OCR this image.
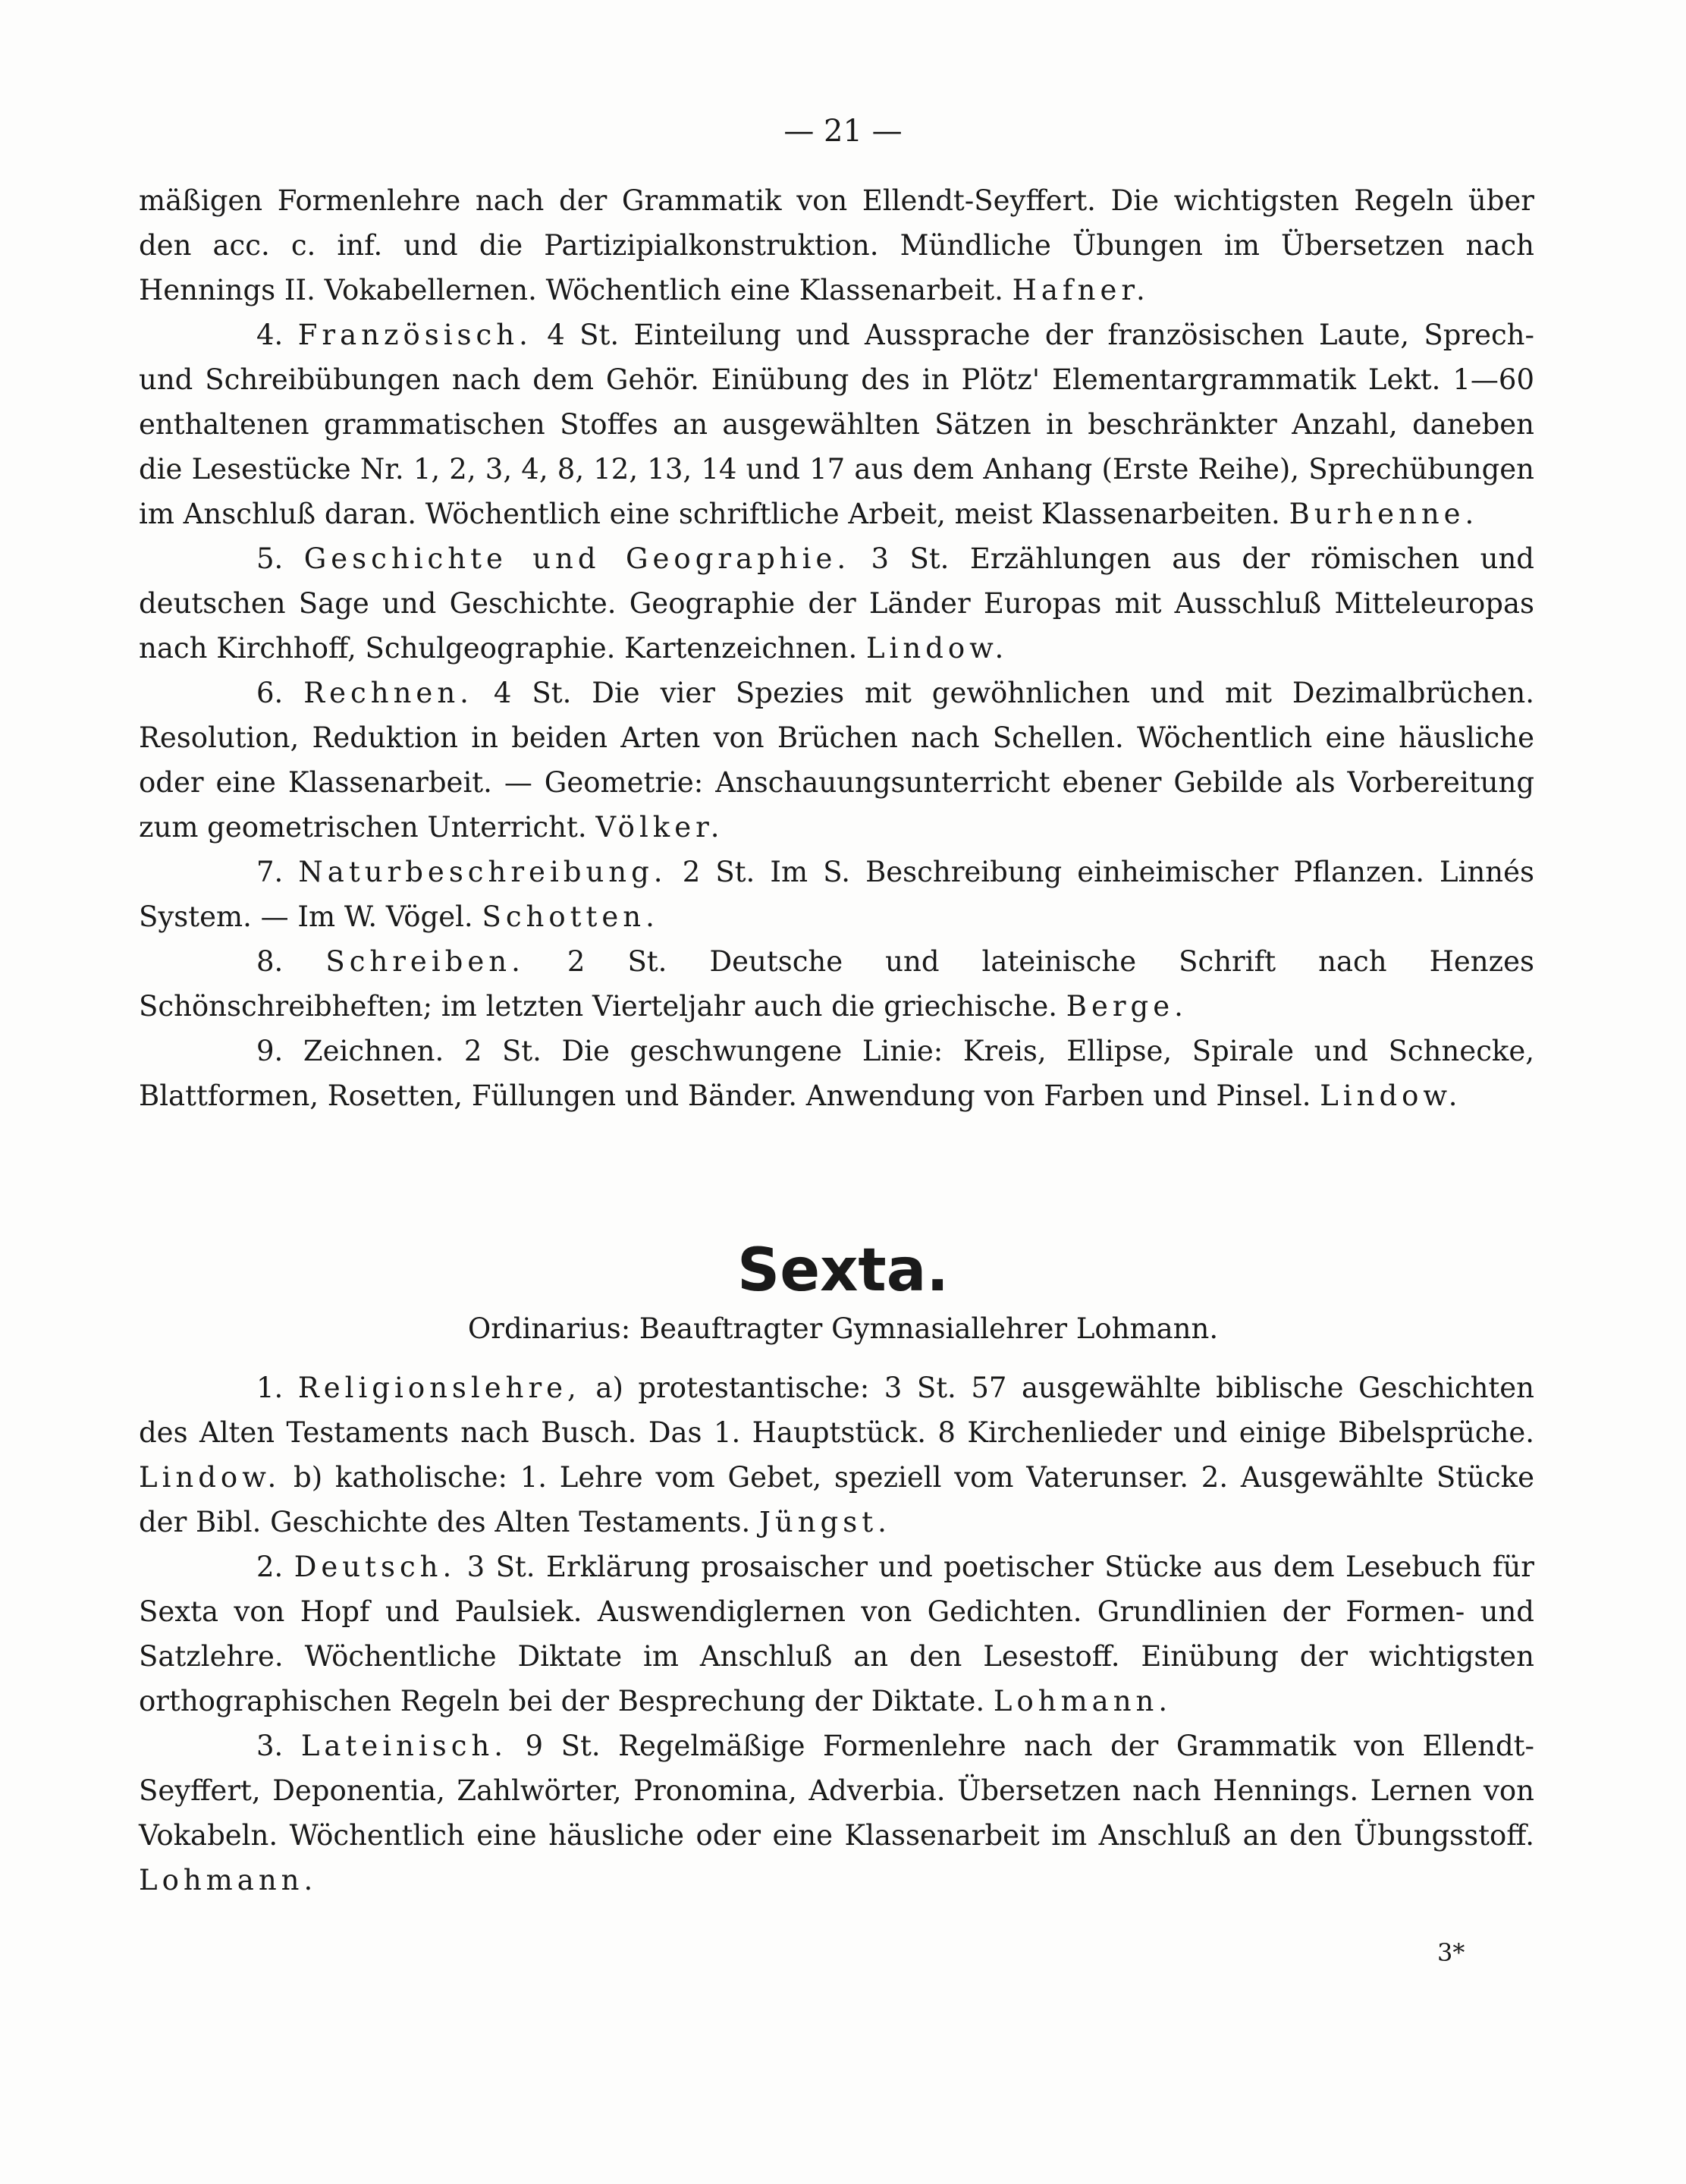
— 21 —

mäßigen Formenlehre nach der Grammatik von Ellendt-Seyffert. Die wichtigsten Regeln über den acc. c. inf. und die Partizipialkonstruktion. Mündliche Übungen im Übersetzen nach Hennings II. Vokabellernen. Wöchentlich eine Klassenarbeit. Hafner.

4. Französisch. 4 St. Einteilung und Aussprache der französischen Laute, Sprech- und Schreibübungen nach dem Gehör. Einübung des in Plötz' Elementargrammatik Lekt. 1—60 enthaltenen grammatischen Stoffes an ausgewählten Sätzen in beschränkter Anzahl, daneben die Lesestücke Nr. 1, 2, 3, 4, 8, 12, 13, 14 und 17 aus dem Anhang (Erste Reihe), Sprechübungen im Anschluß daran. Wöchentlich eine schriftliche Arbeit, meist Klassenarbeiten. Burhenne.

5. Geschichte und Geographie. 3 St. Erzählungen aus der römischen und deutschen Sage und Geschichte. Geographie der Länder Europas mit Ausschluß Mitteleuropas nach Kirchhoff, Schulgeographie. Kartenzeichnen. Lindow.

6. Rechnen. 4 St. Die vier Spezies mit gewöhnlichen und mit Dezimalbrüchen. Resolution, Reduktion in beiden Arten von Brüchen nach Schellen. Wöchentlich eine häusliche oder eine Klassenarbeit. — Geometrie: Anschauungsunterricht ebener Gebilde als Vorbereitung zum geometrischen Unterricht. Völker.

7. Naturbeschreibung. 2 St. Im S. Beschreibung einheimischer Pflanzen. Linnés System. — Im W. Vögel. Schotten.

8. Schreiben. 2 St. Deutsche und lateinische Schrift nach Henzes Schönschreibheften; im letzten Vierteljahr auch die griechische. Berge.

9. Zeichnen. 2 St. Die geschwungene Linie: Kreis, Ellipse, Spirale und Schnecke, Blattformen, Rosetten, Füllungen und Bänder. Anwendung von Farben und Pinsel. Lindow.

Sexta.
Ordinarius: Beauftragter Gymnasiallehrer Lohmann.

1. Religionslehre, a) protestantische: 3 St. 57 ausgewählte biblische Geschichten des Alten Testaments nach Busch. Das 1. Hauptstück. 8 Kirchenlieder und einige Bibelsprüche. Lindow. b) katholische: 1. Lehre vom Gebet, speziell vom Vaterunser. 2. Ausgewählte Stücke der Bibl. Geschichte des Alten Testaments. Jüngst.

2. Deutsch. 3 St. Erklärung prosaischer und poetischer Stücke aus dem Lesebuch für Sexta von Hopf und Paulsiek. Auswendiglernen von Gedichten. Grundlinien der Formen- und Satzlehre. Wöchentliche Diktate im Anschluß an den Lesestoff. Einübung der wichtigsten orthographischen Regeln bei der Besprechung der Diktate. Lohmann.

3. Lateinisch. 9 St. Regelmäßige Formenlehre nach der Grammatik von Ellendt-Seyffert, Deponentia, Zahlwörter, Pronomina, Adverbia. Übersetzen nach Hennings. Lernen von Vokabeln. Wöchentlich eine häusliche oder eine Klassenarbeit im Anschluß an den Übungsstoff. Lohmann.

3*
